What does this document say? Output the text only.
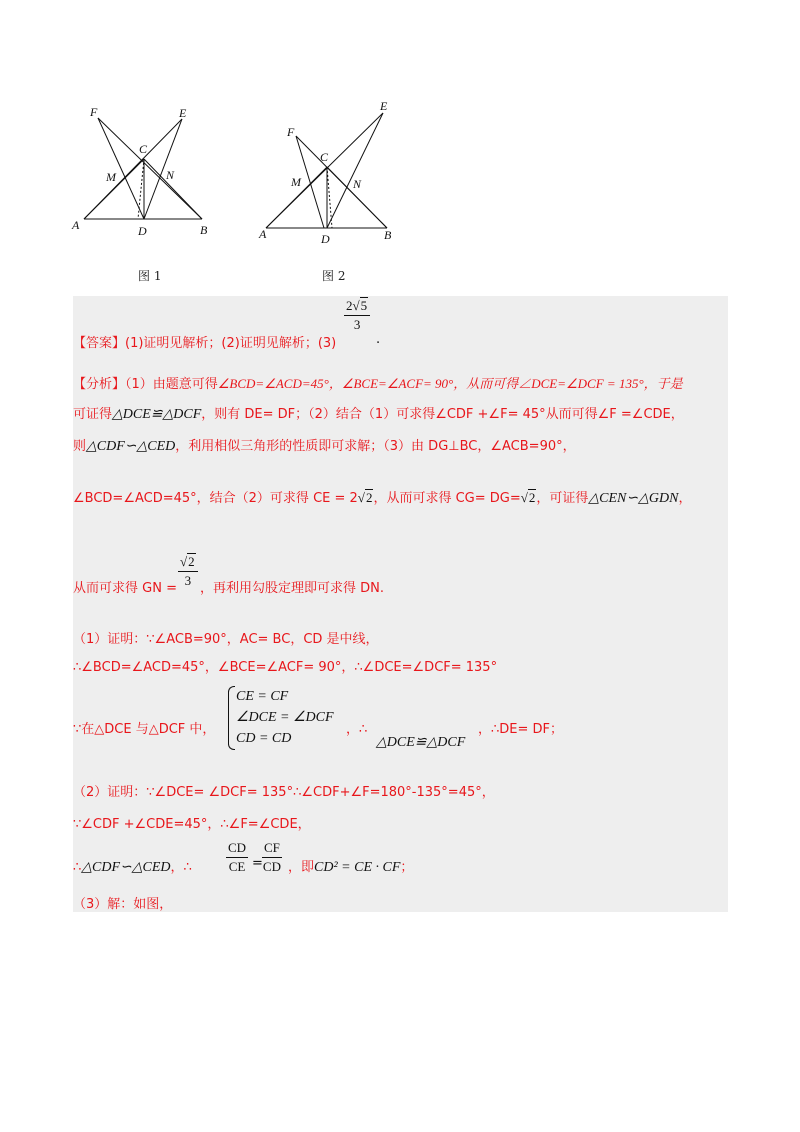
F	E
C
M	N
A	D	B
图 1
F
E
C
M	N
A	D	B
图 2
【答案】(1)证明见解析；(2)证明见解析；(3)
$\frac{2√5}{3}$
.
【分析】（1）由题意可得∠BCD=∠ACD=45°，∠BCE=∠ACF= 90°，从而可得∠DCE=∠DCF = 135°，于是
可证得△DCE≌△DCF，则有 DE= DF；（2）结合（1）可求得∠CDF +∠F= 45°从而可得∠F =∠CDE，
则△CDF∽△CED，利用相似三角形的性质即可求解；（3）由 DG⊥BC，∠ACB=90°，
∠BCD=∠ACD=45°，结合（2）可求得 CE = 2√2，从而可求得 CG= DG=√2，可证得△CEN∽△GDN，
从而可求得 GN = $\frac{√2}{3}$ ，再利用勾股定理即可求得 DN.
（1）证明：∵∠ACB=90°，AC= BC，CD 是中线，
∴∠BCD=∠ACD=45°，∠BCE=∠ACF= 90°，∴∠DCE=∠DCF= 135°
∵在△DCE 与△DCF 中，
CE = CF
∠DCE = ∠DCF
CD = CD
，∴
△DCE≌△DCF
，∴DE= DF；
（2）证明：∵∠DCE= ∠DCF= 135°∴∠CDF+∠F=180°-135°=45°，
∵∠CDF +∠CDE=45°，∴∠F=∠CDE，
∴△CDF∽△CED，∴	$\frac{CD}{CE} = \frac{CF}{CD}$ ，即CD² = CE · CF；
（3）解：如图，
